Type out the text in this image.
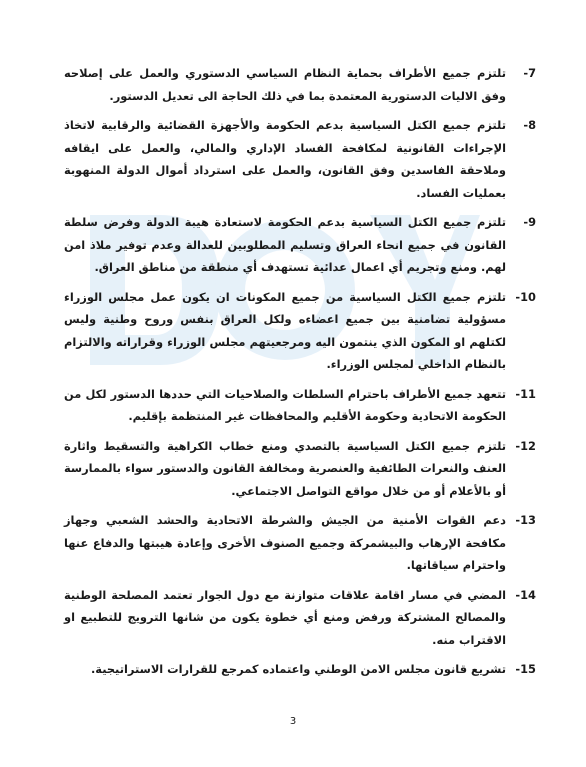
-7
تلتزم جميع الأطراف بحماية النظام السياسي الدستوري والعمل على إصلاحه وفق الاليات الدستورية المعتمدة بما في ذلك الحاجة الى تعديل الدستور.
-8
تلتزم جميع الكتل السياسية بدعم الحكومة والأجهزة القضائية والرقابية لاتخاذ الإجراءات القانونية لمكافحة الفساد الإداري والمالي، والعمل على ايقافه وملاحقة الفاسدين وفق القانون، والعمل على استرداد أموال الدولة المنهوبة بعمليات الفساد.
-9
تلتزم جميع الكتل السياسية بدعم الحكومة لاستعادة هيبة الدولة وفرض سلطة القانون في جميع انحاء العراق وتسليم المطلوبين للعدالة وعدم توفير ملاذ امن لهم. ومنع وتجريم أي اعمال عدائية تستهدف أي منطقة من مناطق العراق.
-10
تلتزم جميع الكتل السياسية من جميع المكونات ان يكون عمل مجلس الوزراء مسؤولية تضامنية بين جميع اعضاءه ولكل العراق بنفس وروح وطنية وليس لكتلهم او المكون الذي ينتمون اليه ومرجعيتهم مجلس الوزراء وقراراته والالتزام بالنظام الداخلي لمجلس الوزراء.
-11
تتعهد جميع الأطراف باحترام السلطات والصلاحيات التي حددها الدستور لكل من الحكومة الاتحادية وحكومة الأقليم والمحافظات غير المنتظمة بإقليم.
-12
تلتزم جميع الكتل السياسية بالتصدي ومنع خطاب الكراهية والتسقيط واثارة العنف والنعرات الطائفية والعنصرية ومخالفة القانون والدستور سواء بالممارسة أو بالأعلام أو من خلال مواقع التواصل الاجتماعي.
-13
دعم القوات الأمنية من الجيش والشرطة الاتحادية والحشد الشعبي وجهاز مكافحة الإرهاب والبيشمركة وجميع الصنوف الأخرى وإعادة هيبتها والدفاع عنها واحترام سياقاتها.
-14
المضي في مسار اقامة علاقات متوازنة مع دول الجوار تعتمد المصلحة الوطنية والمصالح المشتركة ورفض ومنع أي خطوة يكون من شانها الترويج للتطبيع او الاقتراب منه.
-15
تشريع قانون مجلس الامن الوطني واعتماده كمرجع للقرارات الاستراتيجية.
3
